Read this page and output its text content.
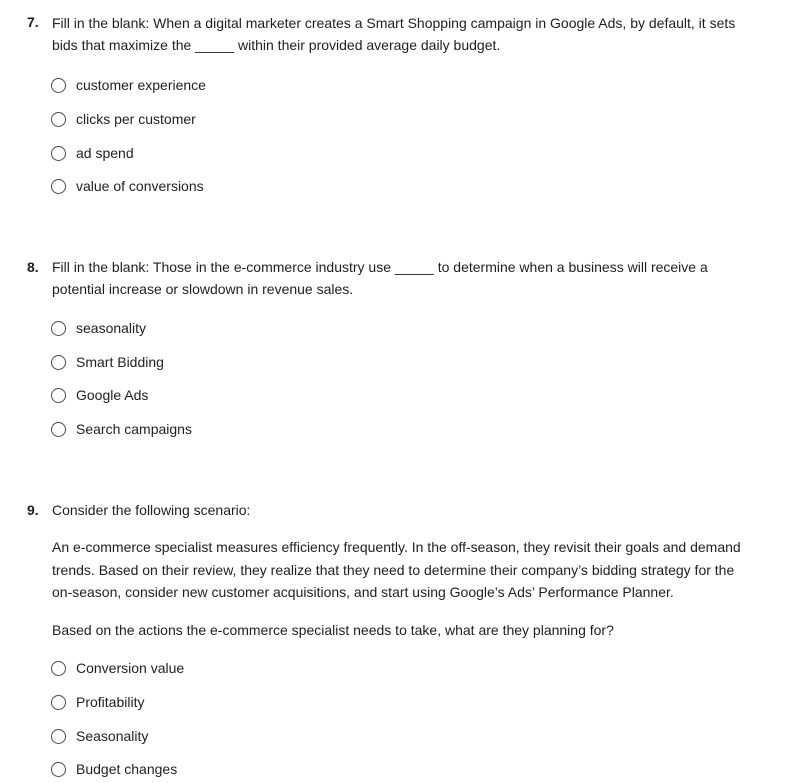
7. Fill in the blank: When a digital marketer creates a Smart Shopping campaign in Google Ads, by default, it sets bids that maximize the _____ within their provided average daily budget.
customer experience
clicks per customer
ad spend
value of conversions
8. Fill in the blank: Those in the e-commerce industry use _____ to determine when a business will receive a potential increase or slowdown in revenue sales.
seasonality
Smart Bidding
Google Ads
Search campaigns
9. Consider the following scenario:
An e-commerce specialist measures efficiency frequently. In the off-season, they revisit their goals and demand trends. Based on their review, they realize that they need to determine their company’s bidding strategy for the on-season, consider new customer acquisitions, and start using Google’s Ads’ Performance Planner.
Based on the actions the e-commerce specialist needs to take, what are they planning for?
Conversion value
Profitability
Seasonality
Budget changes
